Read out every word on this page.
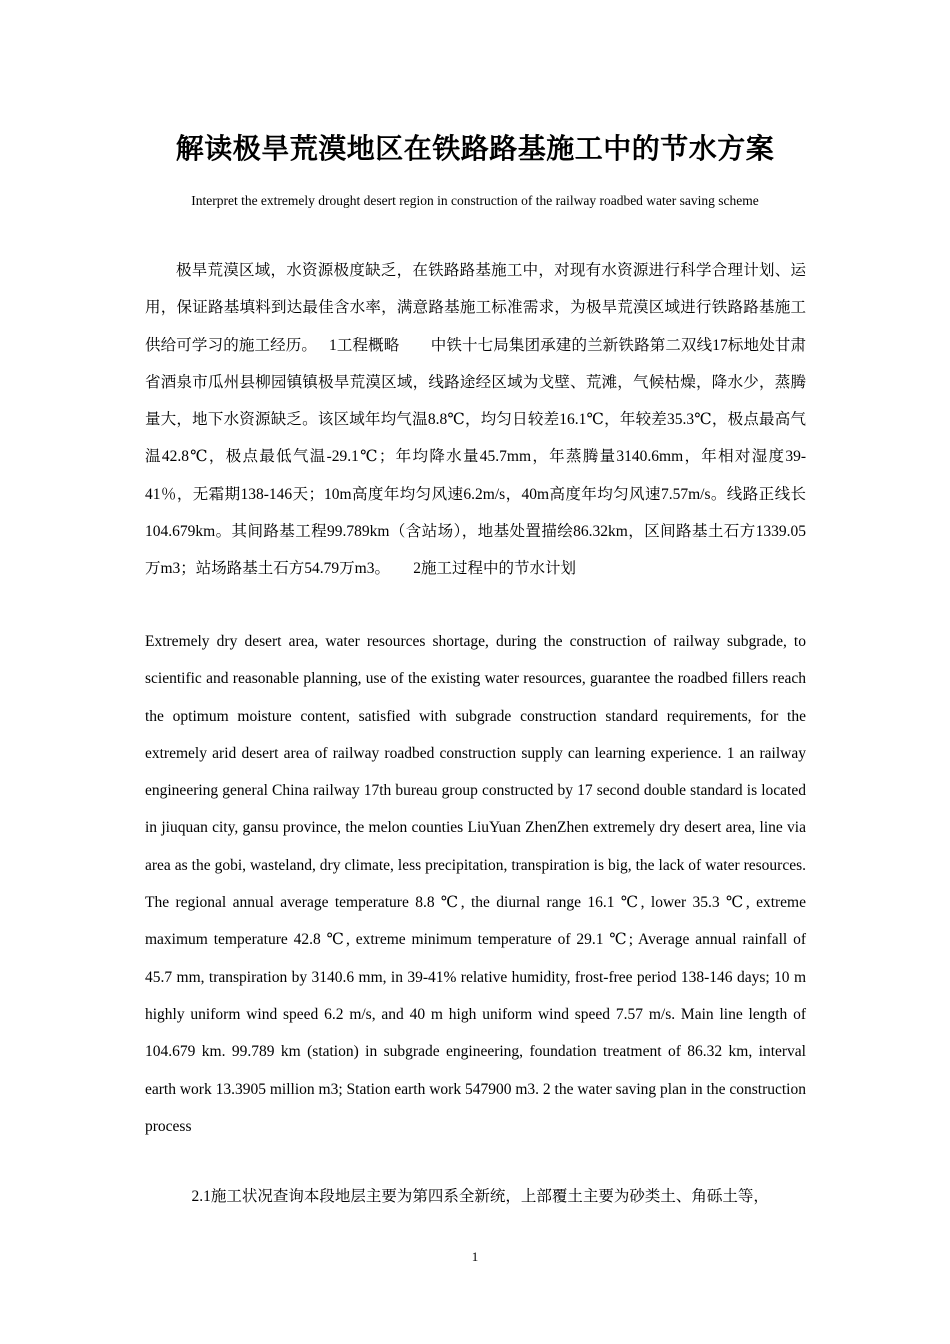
解读极旱荒漠地区在铁路路基施工中的节水方案

Interpret the extremely drought desert region in construction of the railway roadbed water saving scheme

极旱荒漠区域，水资源极度缺乏，在铁路路基施工中，对现有水资源进行科学合理计划、运用，保证路基填料到达最佳含水率，满意路基施工标准需求，为极旱荒漠区域进行铁路路基施工供给可学习的施工经历。　 1工程概略　　中铁十七局集团承建的兰新铁路第二双线17标地处甘肃省酒泉市瓜州县柳园镇镇极旱荒漠区域，线路途经区域为戈壁、荒滩，气候枯燥，降水少，蒸腾量大，地下水资源缺乏。该区域年均气温8.8℃，均匀日较差16.1℃，年较差35.3℃，极点最高气温42.8℃，极点最低气温-29.1℃；年均降水量45.7mm，年蒸腾量3140.6mm，年相对湿度39-41％，无霜期138-146天；10m高度年均匀风速6.2m/s，40m高度年均匀风速7.57m/s。线路正线长104.679km。其间路基工程99.789km（含站场），地基处置描绘86.32km，区间路基土石方1339.05万m3；站场路基土石方54.79万m3。　　2施工过程中的节水计划

Extremely dry desert area, water resources shortage, during the construction of railway subgrade, to scientific and reasonable planning, use of the existing water resources, guarantee the roadbed fillers reach the optimum moisture content, satisfied with subgrade construction standard requirements, for the extremely arid desert area of railway roadbed construction supply can learning experience. 1 an railway engineering general China railway 17th bureau group constructed by 17 second double standard is located in jiuquan city, gansu province, the melon counties LiuYuan ZhenZhen extremely dry desert area, line via area as the gobi, wasteland, dry climate, less precipitation, transpiration is big, the lack of water resources. The regional annual average temperature 8.8 ℃, the diurnal range 16.1 ℃, lower 35.3 ℃, extreme maximum temperature 42.8 ℃, extreme minimum temperature of 29.1 ℃; Average annual rainfall of 45.7 mm, transpiration by 3140.6 mm, in 39-41% relative humidity, frost-free period 138-146 days; 10 m highly uniform wind speed 6.2 m/s, and 40 m high uniform wind speed 7.57 m/s. Main line length of 104.679 km. 99.789 km (station) in subgrade engineering, foundation treatment of 86.32 km, interval earth work 13.3905 million m3; Station earth work 547900 m3. 2 the water saving plan in the construction process

2.1施工状况查询本段地层主要为第四系全新统，上部覆土主要为砂类土、角砾土等，

1
